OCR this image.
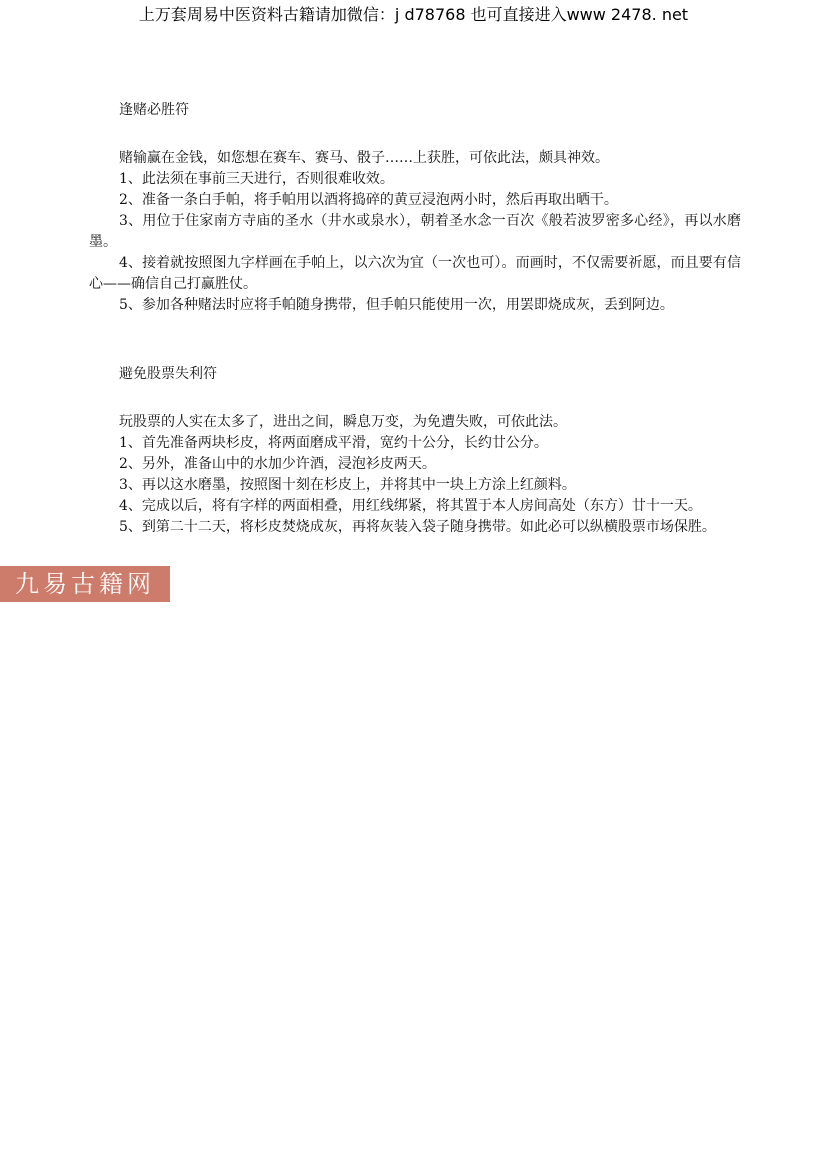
上万套周易中医资料古籍请加微信：j d78768 也可直接进入www 2478. net
逢赌必胜符

赌输赢在金钱，如您想在赛车、赛马、骰子……上获胜，可依此法，颇具神效。

1、此法须在事前三天进行，否则很难收效。

2、准备一条白手帕，将手帕用以酒将捣碎的黄豆浸泡两小时，然后再取出晒干。

3、用位于住家南方寺庙的圣水（井水或泉水），朝着圣水念一百次《般若波罗密多心经》，再以水磨墨。

4、接着就按照图九字样画在手帕上，以六次为宜（一次也可）。而画时，不仅需要祈愿，而且要有信心——确信自己打赢胜仗。

5、参加各种赌法时应将手帕随身携带，但手帕只能使用一次，用罢即烧成灰，丢到阿边。

避免股票失利符

玩股票的人实在太多了，进出之间，瞬息万变，为免遭失败，可依此法。

1、首先准备两块杉皮，将两面磨成平滑，宽约十公分，长约廿公分。

2、另外，准备山中的水加少许酒，浸泡衫皮两天。

3、再以这水磨墨，按照图十刻在杉皮上，并将其中一块上方涂上红颜料。

4、完成以后，将有字样的两面相叠，用红线绑紧，将其置于本人房间高处（东方）廿十一天。

5、到第二十二天，将杉皮焚烧成灰，再将灰装入袋子随身携带。如此必可以纵横股票市场保胜。

九易古籍网
